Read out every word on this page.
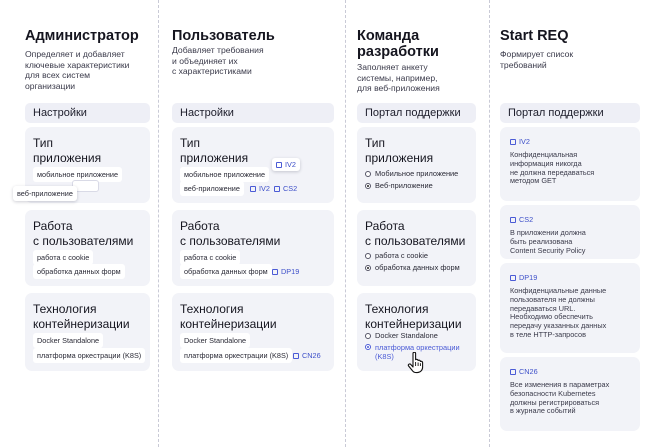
Администратор
Определяет и добавляет
ключевые характеристики
для всех систем
организации
Настройки
Тип
приложения
мобильное приложение
веб-приложение
Работа
с пользователями
работа с cookie
обработка данных форм
Технология
контейнеризации
Docker Standalone
платформа оркестрации (K8S)
Пользователь
Добавляет требования
и объединяет их
с характеристиками
Настройки
Тип
приложения
мобильное приложение
IV2
веб-приложение	IV2 CS2
Работа
с пользователями
работа с cookie
обработка данных форм	DP19
Технология
контейнеризации
Docker Standalone
платформа оркестрации (K8S)	CN26
Команда
разработки
Заполняет анкету
системы, например,
для веб-приложения
Портал поддержки
Тип
приложения
Мобильное приложение
Веб-приложение
Работа
с пользователями
работа с cookie
обработка данных форм
Технология
контейнеризации
Docker Standalone
платформа оркестрации
(K8S)
Start REQ
Формирует список
требований
Портал поддержки
IV2
Конфиденциальная
информация никогда
не должна передаваться
методом GET
CS2
В приложении должна
быть реализована
Content Security Policy
DP19
Конфиденциальные данные
пользователя не должны
передаваться URL.
Необходимо обеспечить
передачу указанных данных
в теле HTTP-запросов
CN26
Все изменения в параметрах
безопасности Kubernetes
должны регистрироваться
в журнале событий
